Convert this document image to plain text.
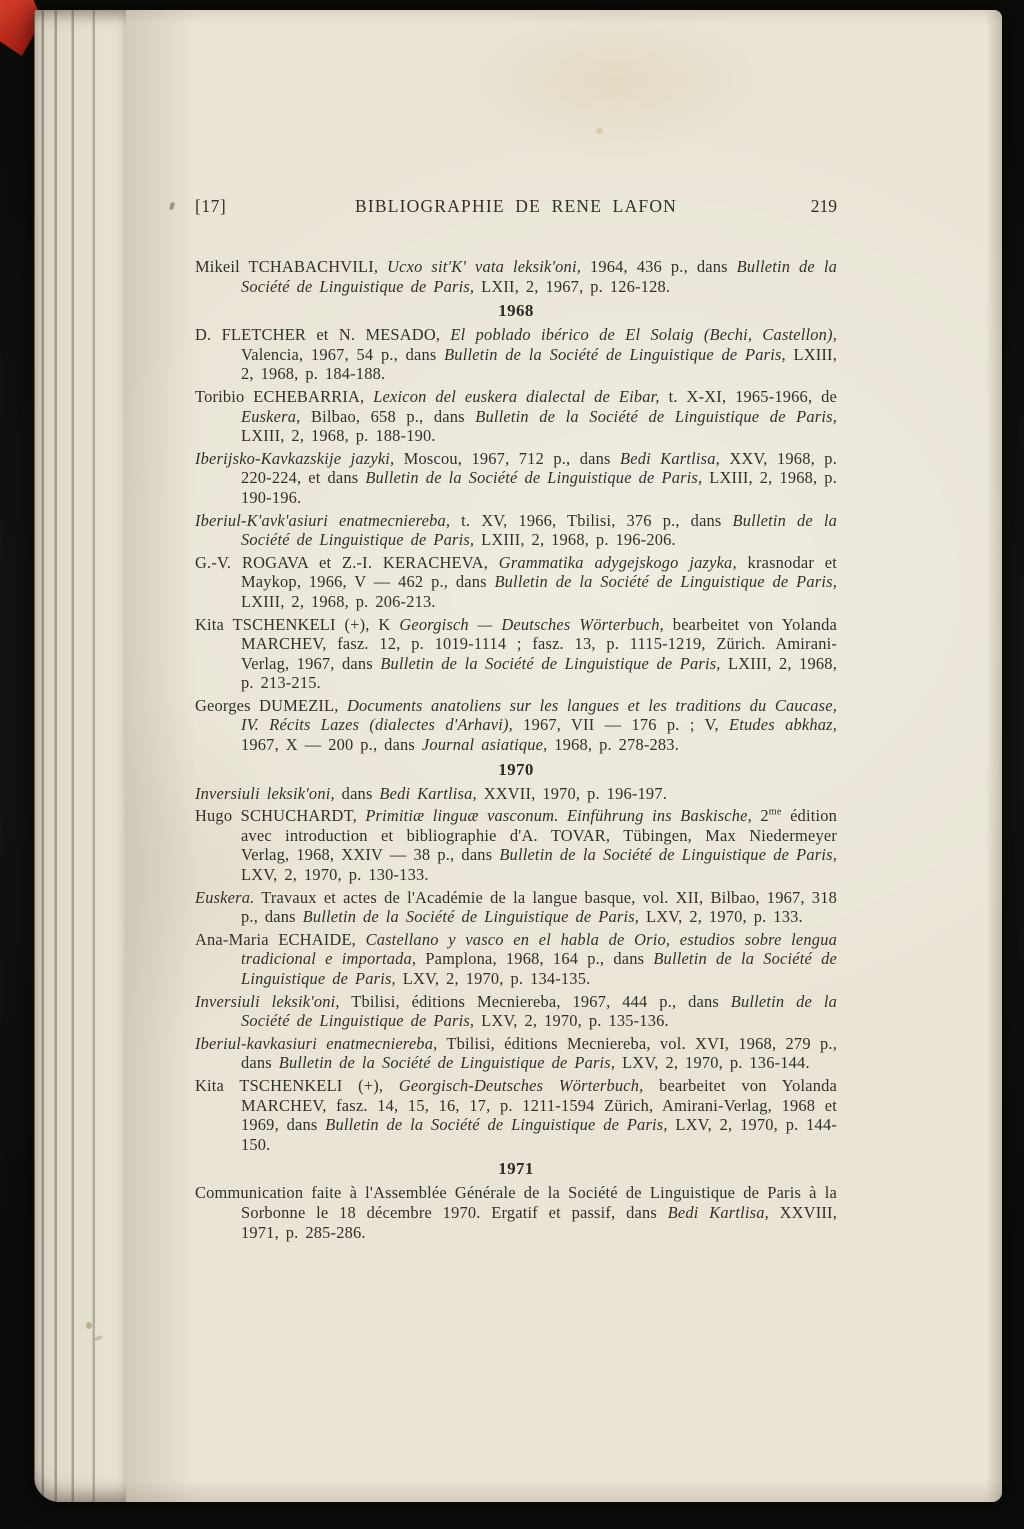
[17]	BIBLIOGRAPHIE DE RENE LAFON	219

Mikeil TCHABACHVILI, Ucxo sit'K' vata leksik'oni, 1964, 436 p., dans Bulletin de la Société de Linguistique de Paris, LXII, 2, 1967, p. 126-128.

1968

D. FLETCHER et N. MESADO, El poblado ibérico de El Solaig (Bechi, Castellon), Valencia, 1967, 54 p., dans Bulletin de la Société de Linguistique de Paris, LXIII, 2, 1968, p. 184-188.

Toribio ECHEBARRIA, Lexicon del euskera dialectal de Eibar, t. X-XI, 1965-1966, de Euskera, Bilbao, 658 p., dans Bulletin de la Société de Linguistique de Paris, LXIII, 2, 1968, p. 188-190.

Iberijsko-Kavkazskije jazyki, Moscou, 1967, 712 p., dans Bedi Kartlisa, XXV, 1968, p. 220-224, et dans Bulletin de la Société de Linguistique de Paris, LXIII, 2, 1968, p. 190-196.

Iberiul-K'avk'asiuri enatmecniereba, t. XV, 1966, Tbilisi, 376 p., dans Bulletin de la Société de Linguistique de Paris, LXIII, 2, 1968, p. 196-206.

G.-V. ROGAVA et Z.-I. KERACHEVA, Grammatika adygejskogo jazyka, krasnodar et Maykop, 1966, V — 462 p., dans Bulletin de la Société de Linguistique de Paris, LXIII, 2, 1968, p. 206-213.

Kita TSCHENKELI (+), K Georgisch — Deutsches Wörterbuch, bearbeitet von Yolanda MARCHEV, fasz. 12, p. 1019-1114 ; fasz. 13, p. 1115-1219, Zürich. Amirani-Verlag, 1967, dans Bulletin de la Société de Linguistique de Paris, LXIII, 2, 1968, p. 213-215.

Georges DUMEZIL, Documents anatoliens sur les langues et les traditions du Caucase, IV. Récits Lazes (dialectes d'Arhavi), 1967, VII — 176 p. ; V, Etudes abkhaz, 1967, X — 200 p., dans Journal asiatique, 1968, p. 278-283.

1970

Inversiuli leksik'oni, dans Bedi Kartlisa, XXVII, 1970, p. 196-197.

Hugo SCHUCHARDT, Primitiæ linguæ vasconum. Einführung ins Baskische, $2^{me}$ édition avec introduction et bibliographie d'A. TOVAR, Tübingen, Max Niedermeyer Verlag, 1968, XXIV — 38 p., dans Bulletin de la Société de Linguistique de Paris, LXV, 2, 1970, p. 130-133.

Euskera. Travaux et actes de l'Académie de la langue basque, vol. XII, Bilbao, 1967, 318 p., dans Bulletin de la Société de Linguistique de Paris, LXV, 2, 1970, p. 133.

Ana-Maria ECHAIDE, Castellano y vasco en el habla de Orio, estudios sobre lengua tradicional e importada, Pamplona, 1968, 164 p., dans Bulletin de la Société de Linguistique de Paris, LXV, 2, 1970, p. 134-135.

Inversiuli leksik'oni, Tbilisi, éditions Mecniereba, 1967, 444 p., dans Bulletin de la Société de Linguistique de Paris, LXV, 2, 1970, p. 135-136.

Iberiul-kavkasiuri enatmecniereba, Tbilisi, éditions Mecniereba, vol. XVI, 1968, 279 p., dans Bulletin de la Société de Linguistique de Paris, LXV, 2, 1970, p. 136-144.

Kita TSCHENKELI (+), Georgisch-Deutsches Wörterbuch, bearbeitet von Yolanda MARCHEV, fasz. 14, 15, 16, 17, p. 1211-1594 Zürich, Amirani-Verlag, 1968 et 1969, dans Bulletin de la Société de Linguistique de Paris, LXV, 2, 1970, p. 144-150.

1971

Communication faite à l'Assemblée Générale de la Société de Linguistique de Paris à la Sorbonne le 18 décembre 1970. Ergatif et passif, dans Bedi Kartlisa, XXVIII, 1971, p. 285-286.
